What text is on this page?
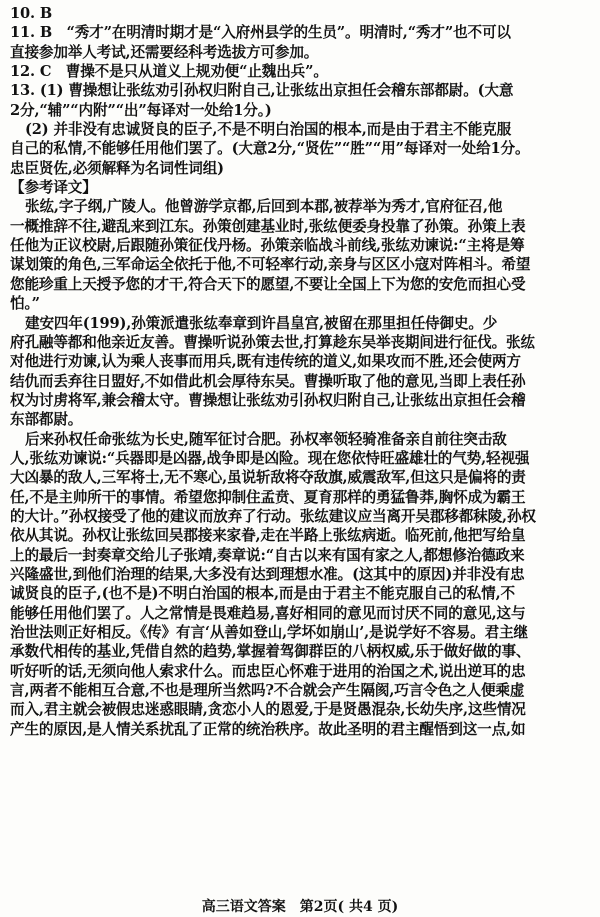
10. B
11. B　“秀才”在明清时期才是“入府州县学的生员”。明清时,“秀才”也不可以
直接参加举人考试,还需要经科考选拔方可参加。
12. C　曹操不是只从道义上规劝便“止魏出兵”。
13. (1) 曹操想让张纮劝引孙权归附自己,让张纮出京担任会稽东部都尉。(大意
2分,“辅”“内附”“出”每译对一处给1分。)
(2) 并非没有忠诚贤良的臣子,不是不明白治国的根本,而是由于君主不能克服
自己的私情,不能够任用他们罢了。(大意2分,“贤佐”“胜”“用”每译对一处给1分。
忠臣贤佐,必须解释为名词性词组)
【参考译文】
张纮,字子纲,广陵人。他曾游学京都,后回到本郡,被荐举为秀才,官府征召,他
一概推辞不往,避乱来到江东。孙策创建基业时,张纮便委身投靠了孙策。孙策上表
任他为正议校尉,后跟随孙策征伐丹杨。孙策亲临战斗前线,张纮劝谏说:“主将是筹
谋划策的角色,三军命运全依托于他,不可轻率行动,亲身与区区小寇对阵相斗。希望
您能珍重上天授予您的才干,符合天下的愿望,不要让全国上下为您的安危而担心受
怕。”
建安四年(199),孙策派遣张纮奉章到许昌皇宫,被留在那里担任侍御史。少
府孔融等都和他亲近友善。曹操听说孙策去世,打算趁东吴举丧期间进行征伐。张纮
对他进行劝谏,认为乘人丧事而用兵,既有违传统的道义,如果攻而不胜,还会使两方
结仇而丢弃往日盟好,不如借此机会厚待东吴。曹操听取了他的意见,当即上表任孙
权为讨虏将军,兼会稽太守。曹操想让张纮劝引孙权归附自己,让张纮出京担任会稽
东部都尉。
后来孙权任命张纮为长史,随军征讨合肥。孙权率领轻骑准备亲自前往突击敌
人,张纮劝谏说:“兵器即是凶器,战争即是凶险。现在您依恃旺盛雄壮的气势,轻视强
大凶暴的敌人,三军将士,无不寒心,虽说斩敌将夺敌旗,威震敌军,但这只是偏将的责
任,不是主帅所干的事情。希望您抑制住孟贲、夏育那样的勇猛鲁莽,胸怀成为霸王
的大计。”孙权接受了他的建议而放弃了行动。张纮建议应当离开吴郡移都秣陵,孙权
依从其说。孙权让张纮回吴郡接来家眷,走在半路上张纮病逝。临死前,他把写给皇
上的最后一封奏章交给儿子张靖,奏章说:“自古以来有国有家之人,都想修治德政来
兴隆盛世,到他们治理的结果,大多没有达到理想水准。(这其中的原因)并非没有忠
诚贤良的臣子,(也不是)不明白治国的根本,而是由于君主不能克服自己的私情,不
能够任用他们罢了。人之常情是畏难趋易,喜好相同的意见而讨厌不同的意见,这与
治世法则正好相反。《传》有言‘从善如登山,学坏如崩山’,是说学好不容易。君主继
承数代相传的基业,凭借自然的趋势,掌握着驾御群臣的八柄权威,乐于做好做的事、
听好听的话,无须向他人索求什么。而忠臣心怀难于进用的治国之术,说出逆耳的忠
言,两者不能相互合意,不也是理所当然吗?不合就会产生隔阂,巧言令色之人便乘虚
而入,君主就会被假忠迷惑眼睛,贪恋小人的恩爱,于是贤愚混杂,长幼失序,这些情况
产生的原因,是人情关系扰乱了正常的统治秩序。故此圣明的君主醒悟到这一点,如
高三语文答案　第2页( 共4 页)
